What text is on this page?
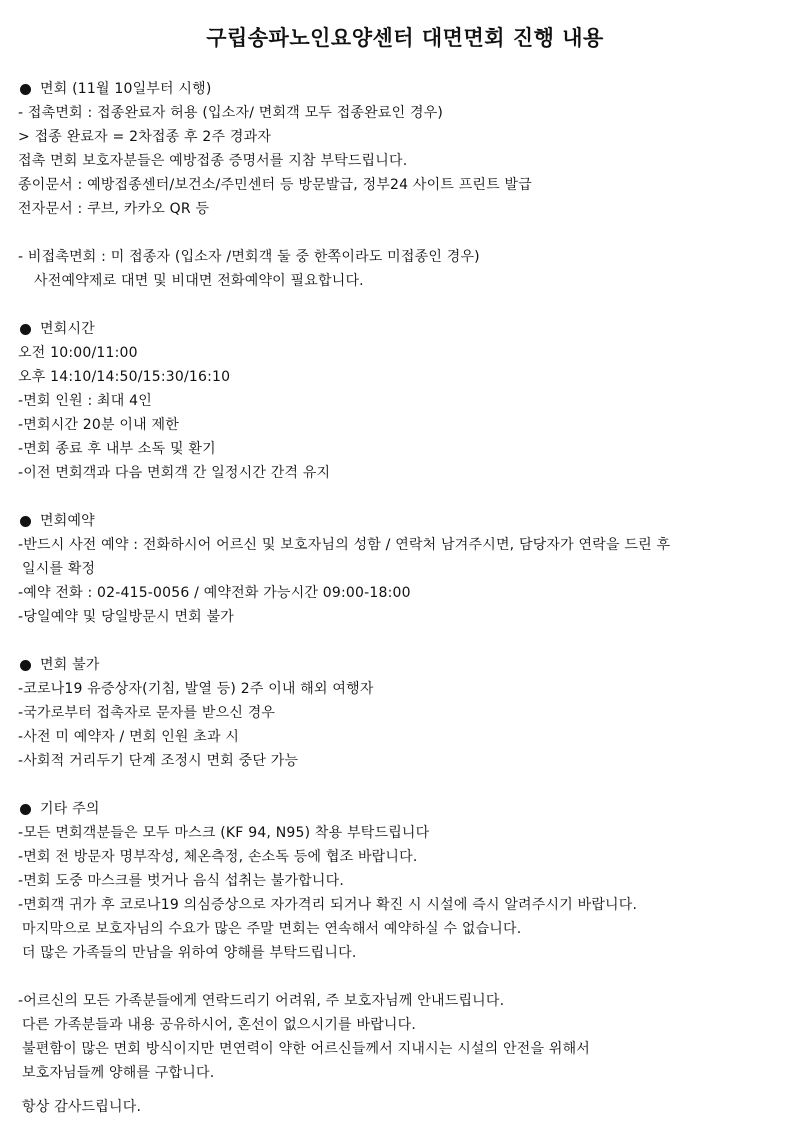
구립송파노인요양센터 대면면회 진행 내용
면회 (11월 10일부터 시행)
- 접촉면회 : 접종완료자 허용 (입소자/ 면회객 모두 접종완료인 경우)
> 접종 완료자 = 2차접종 후 2주 경과자
접촉 면회 보호자분들은 예방접종 증명서를 지참 부탁드립니다.
종이문서 : 예방접종센터/보건소/주민센터 등 방문발급, 정부24 사이트 프린트 발급
전자문서 : 쿠브, 카카오 QR 등
- 비접촉면회 : 미 접종자 (입소자 /면회객 둘 중 한쪽이라도 미접종인 경우)
사전예약제로 대면 및 비대면 전화예약이 필요합니다.
면회시간
오전 10:00/11:00
오후 14:10/14:50/15:30/16:10
-면회 인원 : 최대 4인
-면회시간 20분 이내 제한
-면회 종료 후 내부 소독 및 환기
-이전 면회객과 다음 면회객 간 일정시간 간격 유지
면회예약
-반드시 사전 예약 : 전화하시어 어르신 및 보호자님의 성함 / 연락처 남겨주시면, 담당자가 연락을 드린 후
일시를 확정
-예약 전화 : 02-415-0056 / 예약전화 가능시간 09:00-18:00
-당일예약 및 당일방문시 면회 불가
면회 불가
-코로나19 유증상자(기침, 발열 등) 2주 이내 해외 여행자
-국가로부터 접촉자로 문자를 받으신 경우
-사전 미 예약자 / 면회 인원 초과 시
-사회적 거리두기 단계 조정시 면회 중단 가능
기타 주의
-모든 면회객분들은 모두 마스크 (KF 94, N95) 착용 부탁드립니다
-면회 전 방문자 명부작성, 체온측정, 손소독 등에 협조 바랍니다.
-면회 도중 마스크를 벗거나 음식 섭취는 불가합니다.
-면회객 귀가 후 코로나19 의심증상으로 자가격리 되거나 확진 시 시설에 즉시 알려주시기 바랍니다.
마지막으로 보호자님의 수요가 많은 주말 면회는 연속해서 예약하실 수 없습니다.
더 많은 가족들의 만남을 위하여 양해를 부탁드립니다.
-어르신의 모든 가족분들에게 연락드리기 어려워, 주 보호자님께 안내드립니다.
다른 가족분들과 내용 공유하시어, 혼선이 없으시기를 바랍니다.
불편함이 많은 면회 방식이지만 면연력이 약한 어르신들께서 지내시는 시설의 안전을 위해서
보호자님들께 양해를 구합니다.
항상 감사드립니다.
